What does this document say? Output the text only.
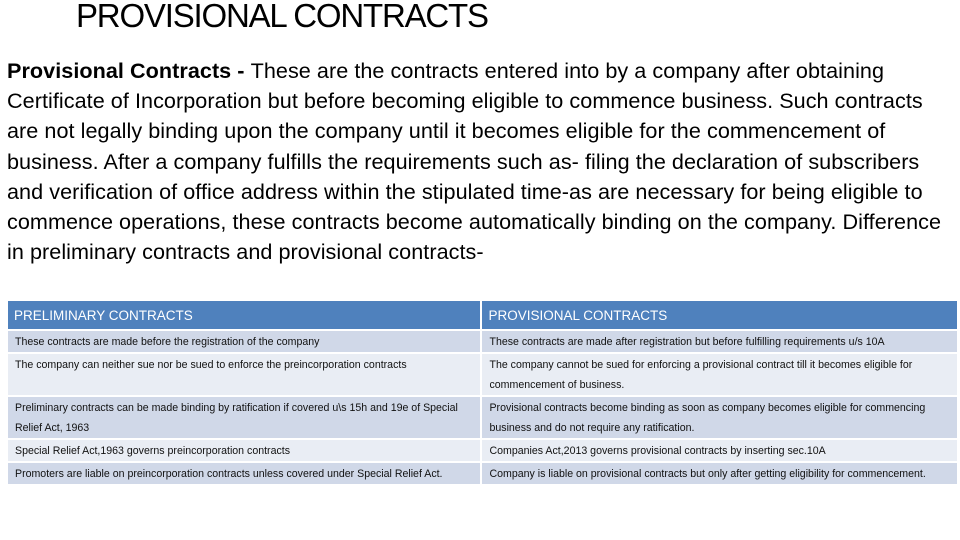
PROVISIONAL CONTRACTS
Provisional Contracts - These are the contracts entered into by a company after obtaining Certificate of Incorporation but before becoming eligible to commence business. Such contracts are not legally binding upon the company until it becomes eligible for the commencement of business. After a company fulfills the requirements such as- filing the declaration of subscribers and verification of office address within the stipulated time-as are necessary for being eligible to commence operations, these contracts become automatically binding on the company. Difference in preliminary contracts and provisional contracts-
PRELIMINARY CONTRACTS	PROVISIONAL CONTRACTS
These contracts are made before the registration of the company	These contracts are made after registration but before fulfilling requirements u/s 10A
The company can neither sue nor be sued to enforce the preincorporation contracts	The company cannot be sued for enforcing a provisional contract till it becomes eligible for commencement of business.
Preliminary contracts can be made binding by ratification if covered u\s 15h and 19e of Special Relief Act, 1963	Provisional contracts become binding as soon as company becomes eligible for commencing business and do not require any ratification.
Special Relief Act,1963 governs preincorporation contracts	Companies Act,2013 governs provisional contracts by inserting sec.10A
Promoters are liable on preincorporation contracts unless covered under Special Relief Act.	Company is liable on provisional contracts but only after getting eligibility for commencement.
